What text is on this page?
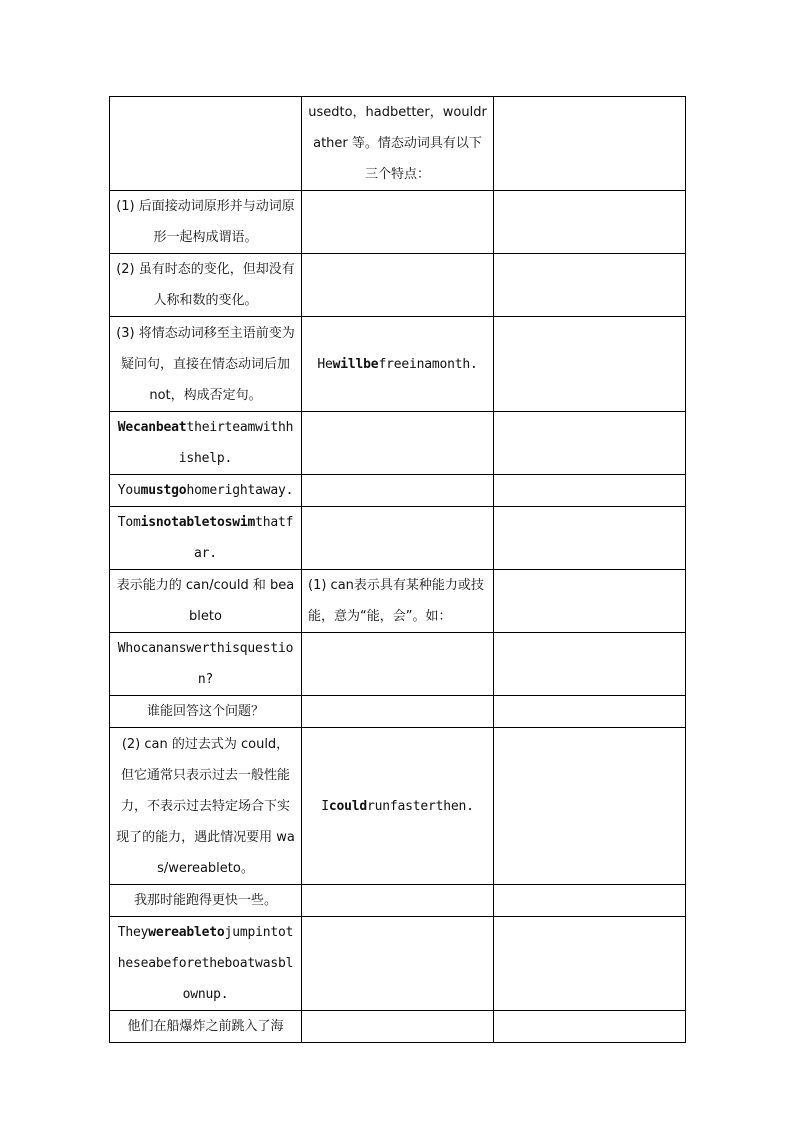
	usedto，hadbetter，wouldrather 等。情态动词具有以下三个特点：	
(1) 后面接动词原形并与动词原形一起构成谓语。		
(2) 虽有时态的变化，但却没有人称和数的变化。		
(3) 将情态动词移至主语前变为疑问句，直接在情态动词后加 not，构成否定句。	Hewillbefreeinamonth.	
Wecanbeattheirteamwithhishelp.		
Youmustgohomerightaway.		
Tomisnotabletoswimthatfar.		
表示能力的 can/could 和 beableto	(1) can表示具有某种能力或技能，意为“能，会”。如：	
Whocananswerthisquestion?		
谁能回答这个问题？		
(2) can 的过去式为 could，但它通常只表示过去一般性能力，不表示过去特定场合下实现了的能力，遇此情况要用 was/wereableto。	Icouldrunfasterthen.	
我那时能跑得更快一些。		
Theywereabletojumpintotheseabeforetheboatwasblownup.		
他们在船爆炸之前跳入了海		
